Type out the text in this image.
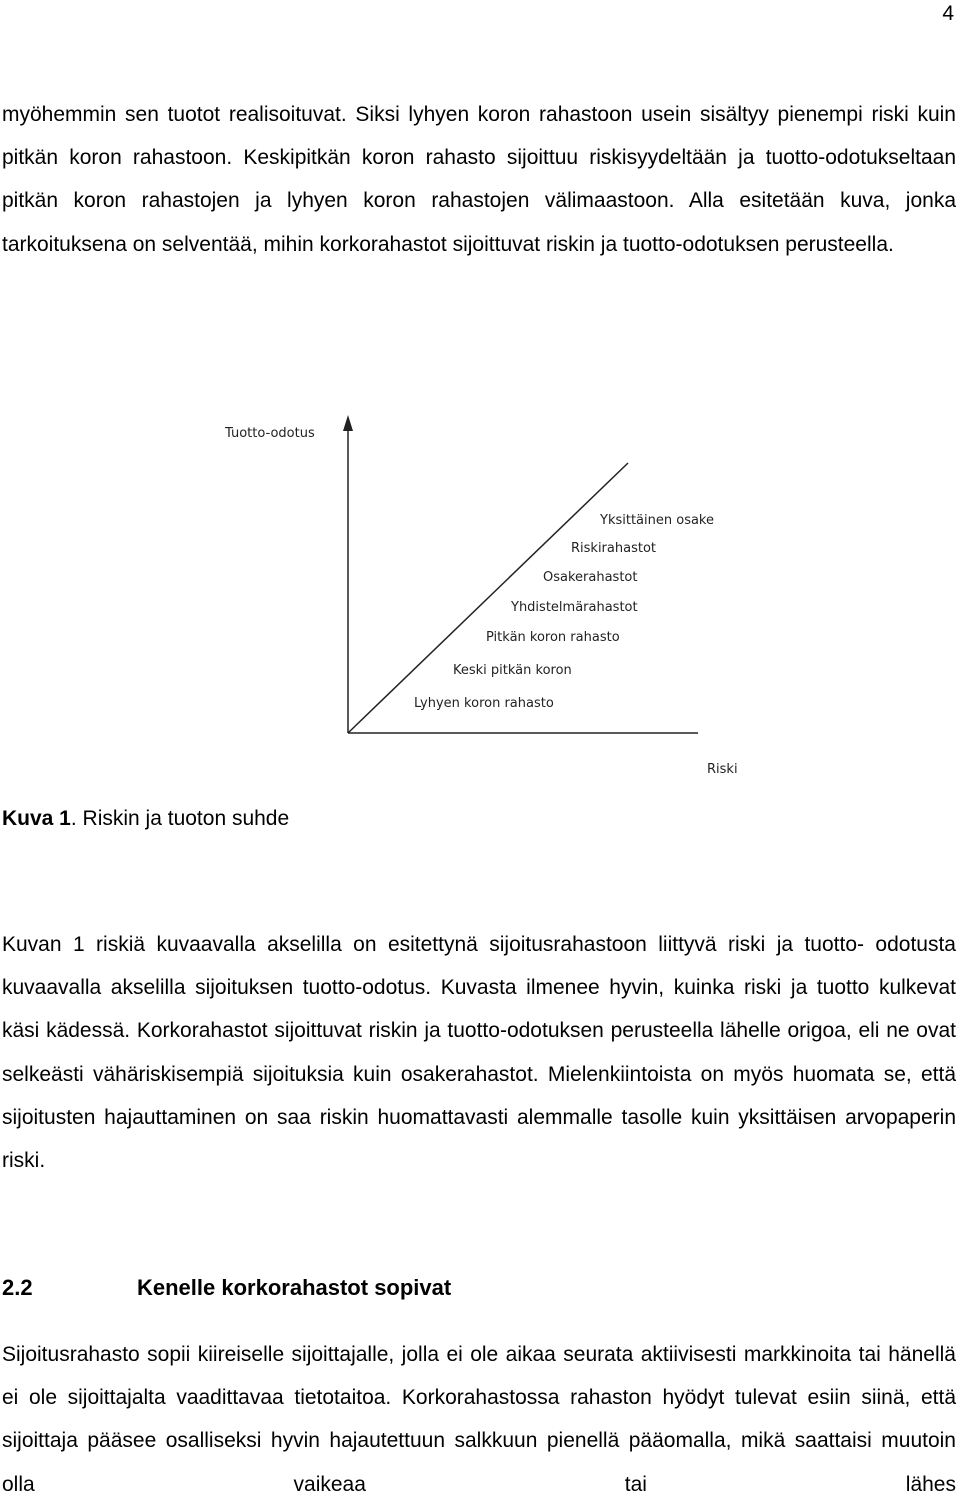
4
myöhemmin sen tuotot realisoituvat. Siksi lyhyen koron rahastoon usein sisältyy pienempi riski kuin pitkän koron rahastoon. Keskipitkän koron rahasto sijoittuu riskisyydeltään ja tuotto-odotukseltaan pitkän koron rahastojen ja lyhyen koron rahastojen välimaastoon. Alla esitetään kuva, jonka tarkoituksena on selventää, mihin korkorahastot sijoittuvat riskin ja tuotto-odotuksen perusteella.
Tuotto-odotus
Riski
Yksittäinen osake
Riskirahastot
Osakerahastot
Yhdistelmärahastot
Pitkän koron rahasto
Keski pitkän koron
Lyhyen koron rahasto
Kuva 1. Riskin ja tuoton suhde
Kuvan 1 riskiä kuvaavalla akselilla on esitettynä sijoitusrahastoon liittyvä riski ja tuotto- odotusta kuvaavalla akselilla sijoituksen tuotto-odotus. Kuvasta ilmenee hyvin, kuinka riski ja tuotto kulkevat käsi kädessä. Korkorahastot sijoittuvat riskin ja tuotto-odotuksen perusteella lähelle origoa, eli ne ovat selkeästi vähäriskisempiä sijoituksia kuin osakerahastot. Mielenkiintoista on myös huomata se, että sijoitusten hajauttaminen on saa riskin huomattavasti alemmalle tasolle kuin yksittäisen arvopaperin riski.
2.2	Kenelle korkorahastot sopivat
Sijoitusrahasto sopii kiireiselle sijoittajalle, jolla ei ole aikaa seurata aktiivisesti markkinoita tai hänellä ei ole sijoittajalta vaadittavaa tietotaitoa. Korkorahastossa rahaston hyödyt tulevat esiin siinä, että sijoittaja pääsee osalliseksi hyvin hajautettuun salkkuun pienellä pääomalla, mikä saattaisi muutoin olla vaikeaa tai lähes
